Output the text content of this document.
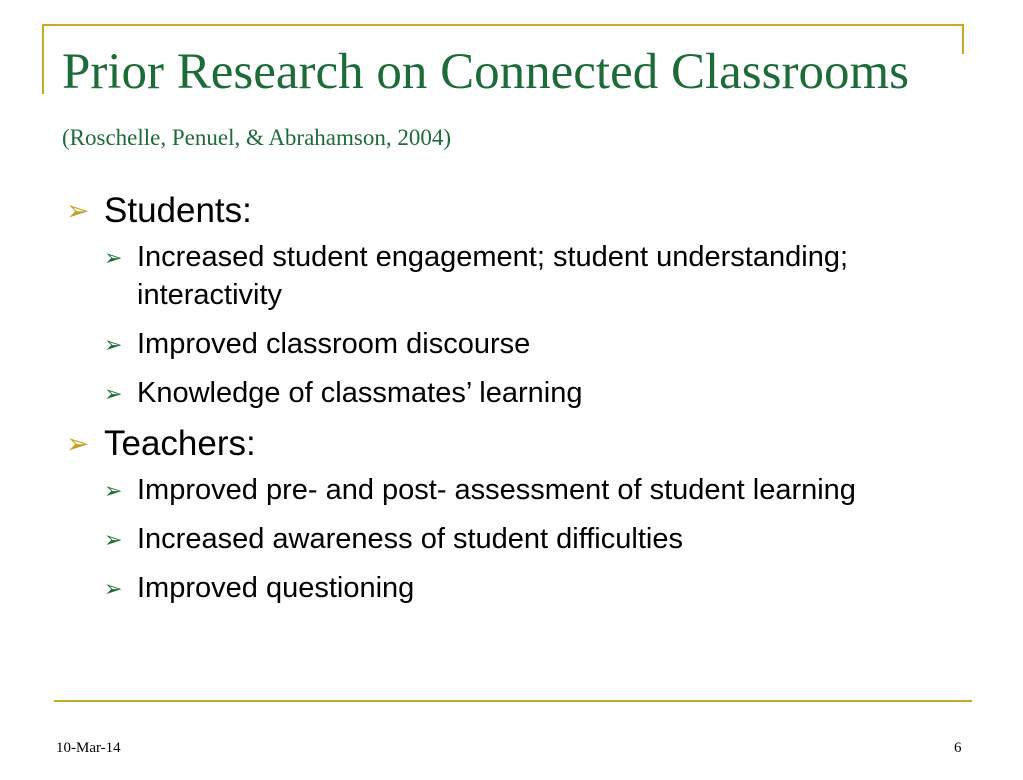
Prior Research on Connected Classrooms (Roschelle, Penuel, & Abrahamson, 2004)
➢ Students:
➢ Increased student engagement; student understanding; interactivity
➢ Improved classroom discourse
➢ Knowledge of classmates’ learning
➢ Teachers:
➢ Improved pre- and post- assessment of student learning
➢ Increased awareness of student difficulties
➢ Improved questioning
10-Mar-14	6
